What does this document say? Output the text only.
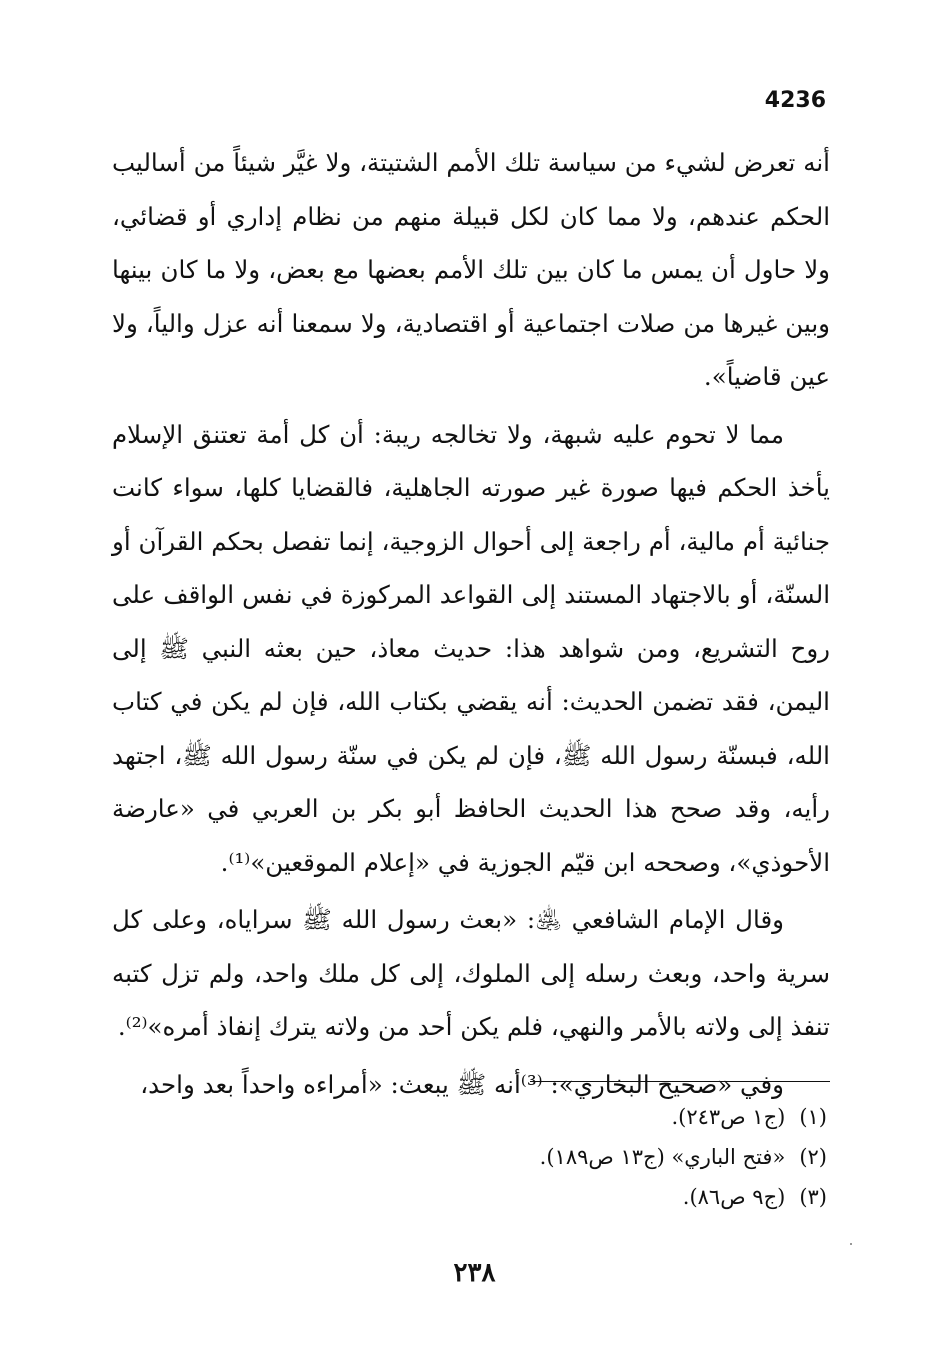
4236

أنه تعرض لشيء من سياسة تلك الأمم الشتيتة، ولا غيَّر شيئاً من أساليب الحكم عندهم، ولا مما كان لكل قبيلة منهم من نظام إداري أو قضائي، ولا حاول أن يمس ما كان بين تلك الأمم بعضها مع بعض، ولا ما كان بينها وبين غيرها من صلات اجتماعية أو اقتصادية، ولا سمعنا أنه عزل والياً، ولا عين قاضياً».

مما لا تحوم عليه شبهة، ولا تخالجه ريبة: أن كل أمة تعتنق الإسلام يأخذ الحكم فيها صورة غير صورته الجاهلية، فالقضايا كلها، سواء كانت جنائية أم مالية، أم راجعة إلى أحوال الزوجية، إنما تفصل بحكم القرآن أو السنّة، أو بالاجتهاد المستند إلى القواعد المركوزة في نفس الواقف على روح التشريع، ومن شواهد هذا: حديث معاذ، حين بعثه النبي ﷺ إلى اليمن، فقد تضمن الحديث: أنه يقضي بكتاب الله، فإن لم يكن في كتاب الله، فبسنّة رسول الله ﷺ، فإن لم يكن في سنّة رسول الله ﷺ، اجتهد رأيه، وقد صحح هذا الحديث الحافظ أبو بكر بن العربي في «عارضة الأحوذي»، وصححه ابن قيّم الجوزية في «إعلام الموقعين»⁽¹⁾.

وقال الإمام الشافعي ﵁: «بعث رسول الله ﷺ سراياه، وعلى كل سرية واحد، وبعث رسله إلى الملوك، إلى كل ملك واحد، ولم تزل كتبه تنفذ إلى ولاته بالأمر والنهي، فلم يكن أحد من ولاته يترك إنفاذ أمره»⁽²⁾.

وفي «صحيح البخاري»: ⁽³⁾أنه ﷺ يبعث: «أمراءه واحداً بعد واحد،

(١)(ج١ ص٢٤٣).
(٢)«فتح الباري» (ج١٣ ص١٨٩).
(٣)(ج٩ ص٨٦).
٢٣٨
